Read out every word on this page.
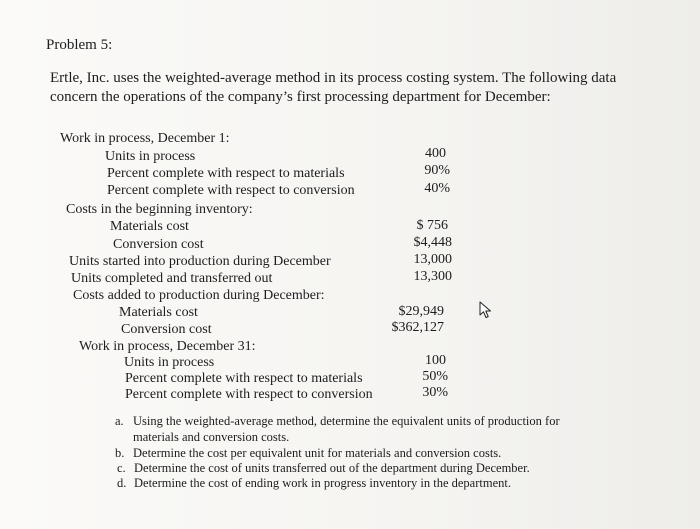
Problem 5:
Ertle, Inc. uses the weighted-average method in its process costing system. The following data
concern the operations of the company’s first processing department for December:
Work in process, December 1:
Units in process	400
Percent complete with respect to materials	90%
Percent complete with respect to conversion	40%
Costs in the beginning inventory:
Materials cost	$ 756
Conversion cost	$4,448
Units started into production during December	13,000
Units completed and transferred out	13,300
Costs added to production during December:
Materials cost	$29,949
Conversion cost	$362,127
Work in process, December 31:
Units in process	100
Percent complete with respect to materials	50%
Percent complete with respect to conversion	30%
a. Using the weighted-average method, determine the equivalent units of production for
materials and conversion costs.
b. Determine the cost per equivalent unit for materials and conversion costs.
c. Determine the cost of units transferred out of the department during December.
d. Determine the cost of ending work in progress inventory in the department.
